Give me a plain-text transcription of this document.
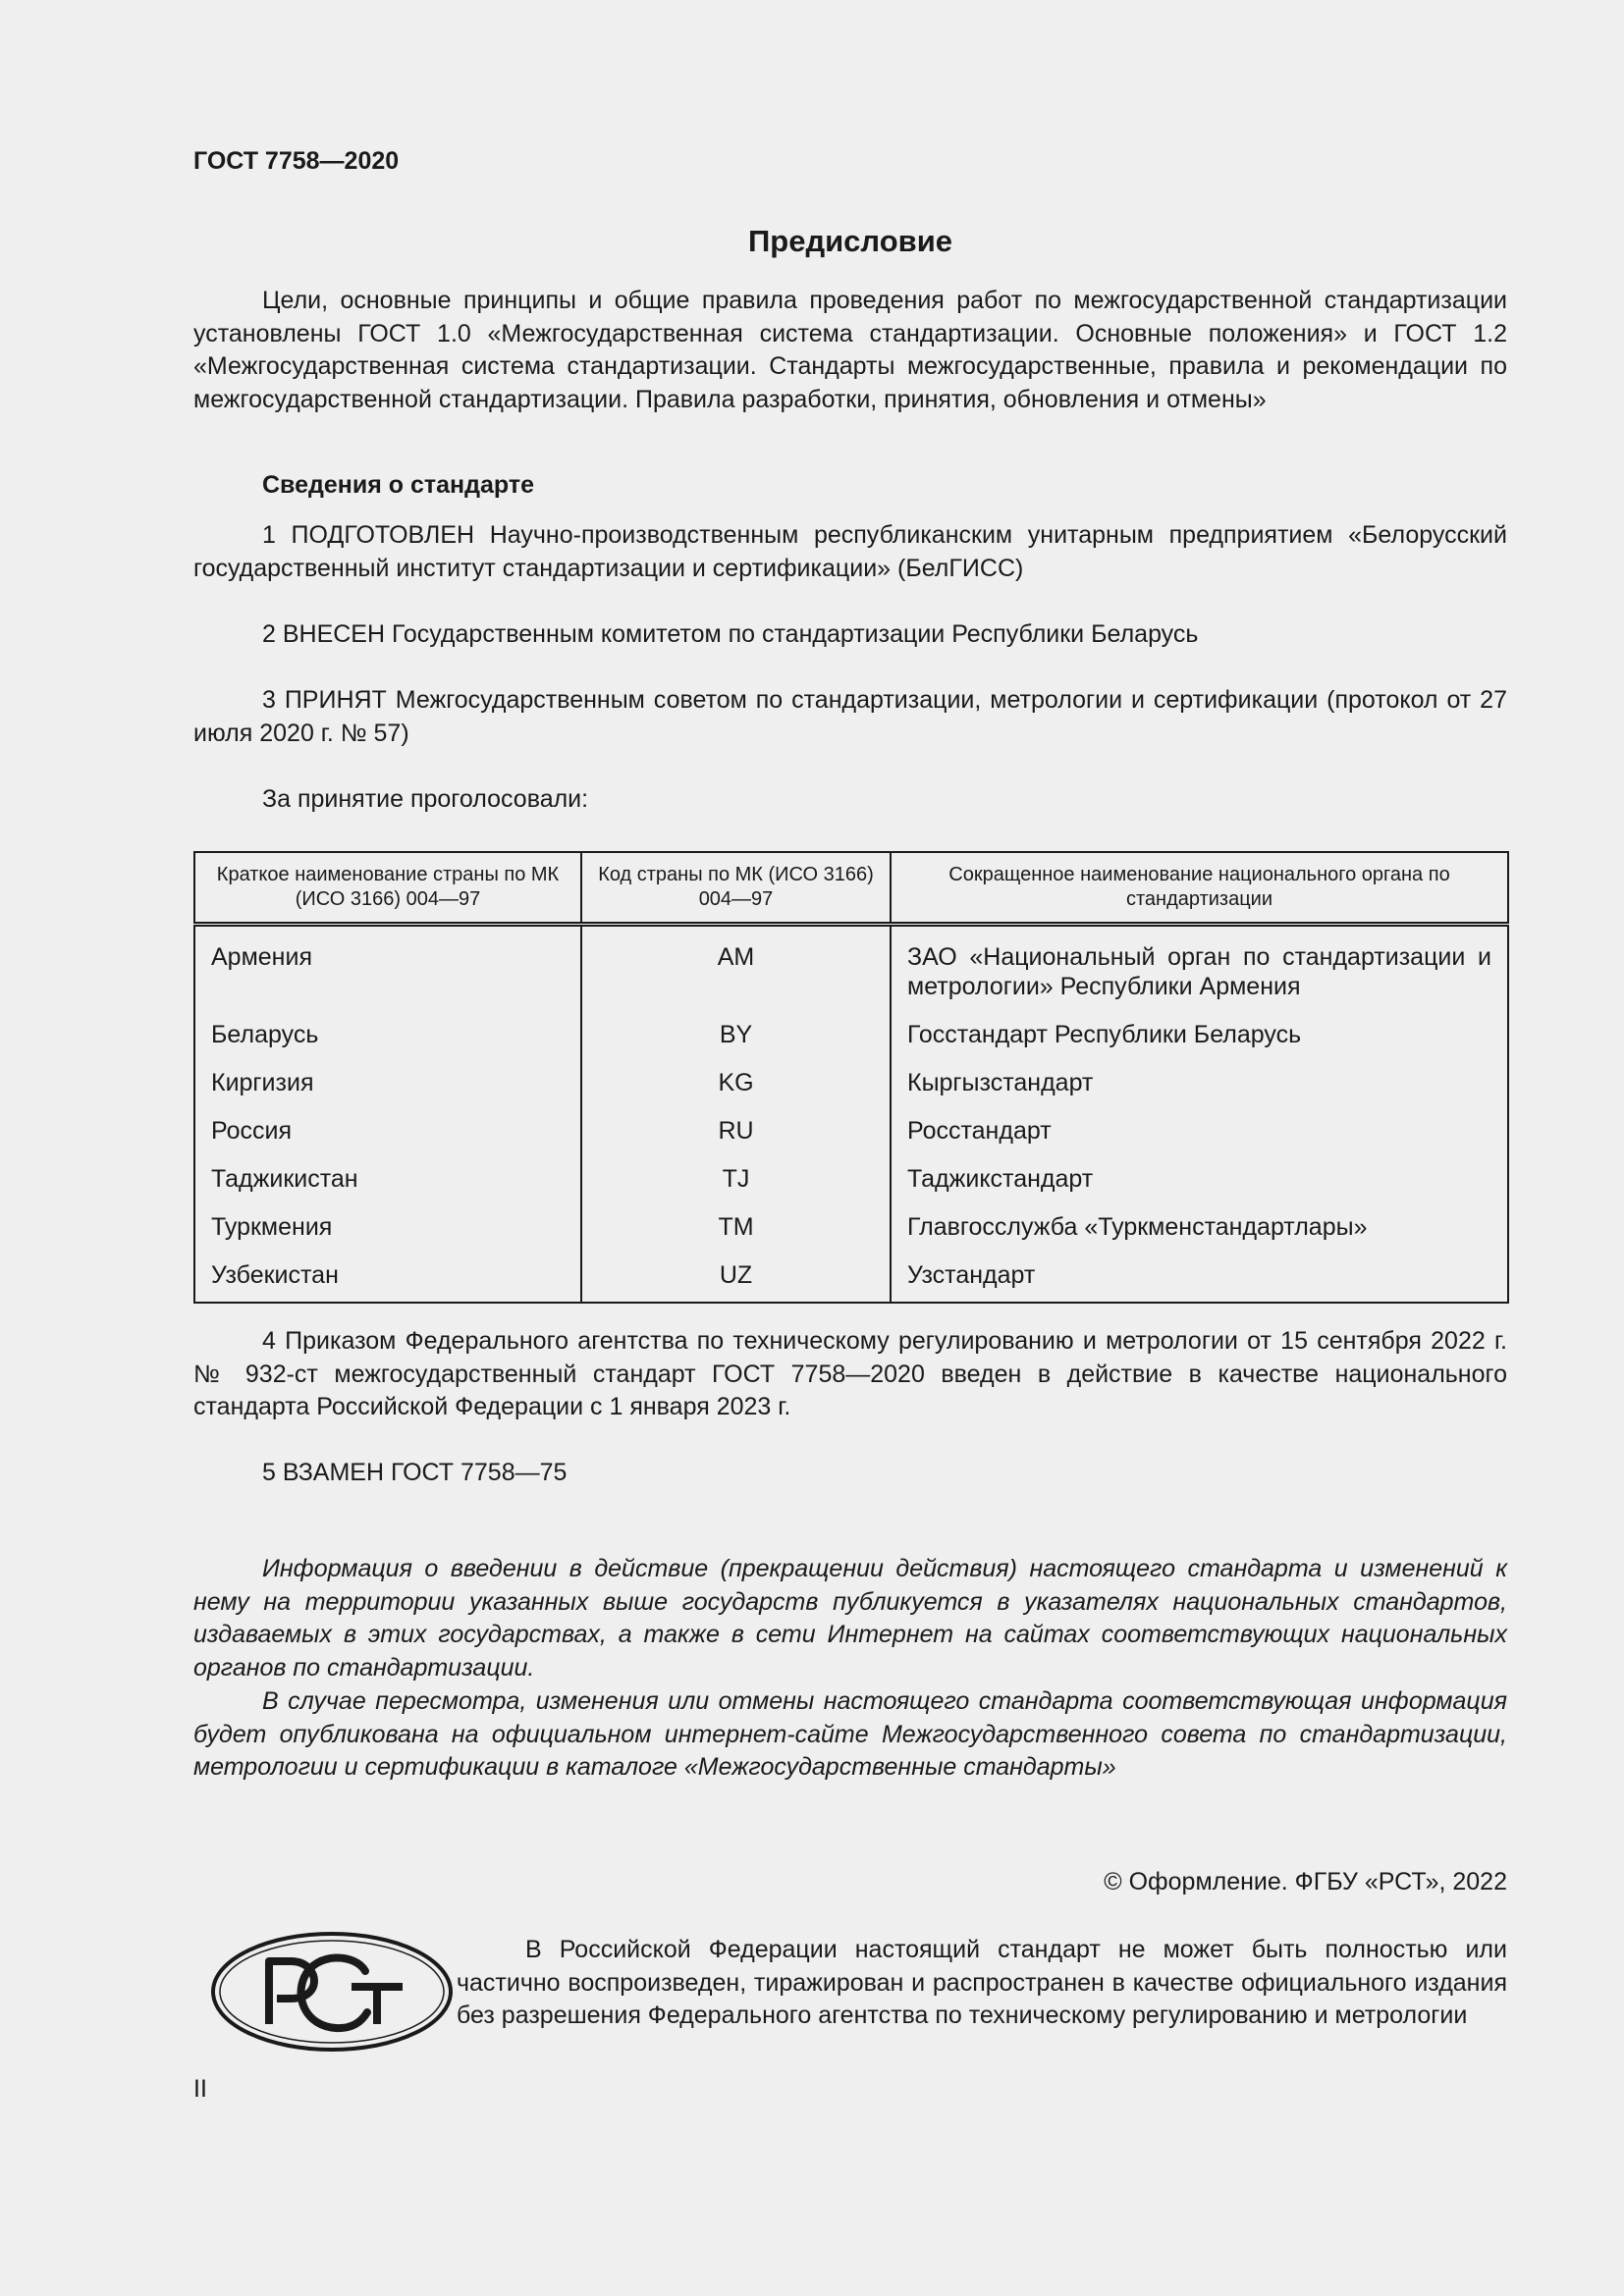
ГОСТ 7758—2020
Предисловие

Цели, основные принципы и общие правила проведения работ по межгосударственной стандартизации установлены ГОСТ 1.0 «Межгосударственная система стандартизации. Основные положения» и ГОСТ 1.2 «Межгосударственная система стандартизации. Стандарты межгосударственные, правила и рекомендации по межгосударственной стандартизации. Правила разработки, принятия, обновления и отмены»

Сведения о стандарте

1 ПОДГОТОВЛЕН Научно-производственным республиканским унитарным предприятием «Белорусский государственный институт стандартизации и сертификации» (БелГИСС)

2 ВНЕСЕН Государственным комитетом по стандартизации Республики Беларусь

3 ПРИНЯТ Межгосударственным советом по стандартизации, метрологии и сертификации (протокол от 27 июля 2020 г. № 57)

За принятие проголосовали:
Краткое наименование страны по МК (ИСО 3166) 004—97	Код страны по МК (ИСО 3166) 004—97	Сокращенное наименование национального органа по стандартизации
Армения	AM	ЗАО «Национальный орган по стандартизации и метрологии» Республики Армения
Беларусь	BY	Госстандарт Республики Беларусь
Киргизия	KG	Кыргызстандарт
Россия	RU	Росстандарт
Таджикистан	TJ	Таджикстандарт
Туркмения	TM	Главгосслужба «Туркменстандартлары»
Узбекистан	UZ	Узстандарт

4 Приказом Федерального агентства по техническому регулированию и метрологии от 15 сентября 2022 г. № 932-ст межгосударственный стандарт ГОСТ 7758—2020 введен в действие в качестве национального стандарта Российской Федерации с 1 января 2023 г.

5 ВЗАМЕН ГОСТ 7758—75

Информация о введении в действие (прекращении действия) настоящего стандарта и изменений к нему на территории указанных выше государств публикуется в указателях национальных стандартов, издаваемых в этих государствах, а также в сети Интернет на сайтах соответствующих национальных органов по стандартизации.

В случае пересмотра, изменения или отмены настоящего стандарта соответствующая информация будет опубликована на официальном интернет-сайте Межгосударственного совета по стандартизации, метрологии и сертификации в каталоге «Межгосударственные стандарты»

© Оформление. ФГБУ «РСТ», 2022

В Российской Федерации настоящий стандарт не может быть полностью или частично воспроизведен, тиражирован и распространен в качестве официального издания без разрешения Федерального агентства по техническому регулированию и метрологии

II
